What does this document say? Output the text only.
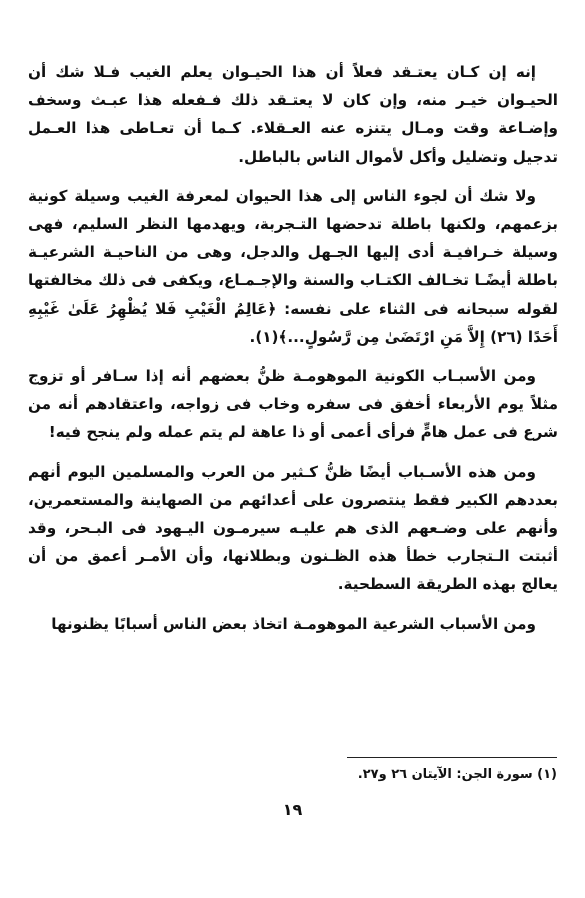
إنه إن كـان يعتـقد فعلاً أن هذا الحيـوان يعلم الغيب فـلا شك أن الحيـوان خيـر منه، وإن كان لا يعتـقد ذلك فـفعله هذا عبـث وسخف وإضـاعة وقت ومـال يتنزه عنه العـقلاء. كـما أن تعـاطى هذا العـمل تدجيل وتضليل وأكل لأموال الناس بالباطل.

ولا شك أن لجوء الناس إلى هذا الحيوان لمعرفة الغيب وسيلة كونية بزعمهم، ولكنها باطلة تدحضها التـجربة، ويهدمها النظر السليم، فهى وسيلة خـرافيـة أدى إليها الجـهل والدجل، وهى من الناحيـة الشرعيـة باطلة أيضًـا تخـالف الكتـاب والسنة والإجـمـاع، ويكفى فى ذلك مخالفتها لقوله سبحانه فى الثناء على نفسه: ﴿عَالِمُ الْغَيْبِ فَلا يُظْهِرُ عَلَىٰ غَيْبِهِ أَحَدًا (٢٦) إِلاَّ مَنِ ارْتَضَىٰ مِن رَّسُولٍ...﴾(١).

ومن الأسبـاب الكونية الموهومـة ظنُّ بعضهم أنه إذا سـافر أو تزوج مثلاً يوم الأربعاء أخفق فى سفره وخاب فى زواجه، واعتقادهم أنه من شرع فى عمل هامٍّ فرأى أعمى أو ذا عاهة لم يتم عمله ولم ينجح فيه!

ومن هذه الأسـباب أيضًا ظنُّ كـثير من العرب والمسلمين اليوم أنهم بعددهم الكبير فقط ينتصرون على أعدائهم من الصهاينة والمستعمرين، وأنهم على وضـعهم الذى هم عليـه سيرمـون اليـهود فى البـحر، وقد أثبتت الـتجارب خطأ هذه الظـنون وبطلانها، وأن الأمـر أعمق من أن يعالج بهذه الطريقة السطحية.

ومن الأسباب الشرعية الموهومـة اتخاذ بعض الناس أسبابًا يظنونها

(١) سورة الجن: الآيتان ٢٦ و٢٧.
١٩
